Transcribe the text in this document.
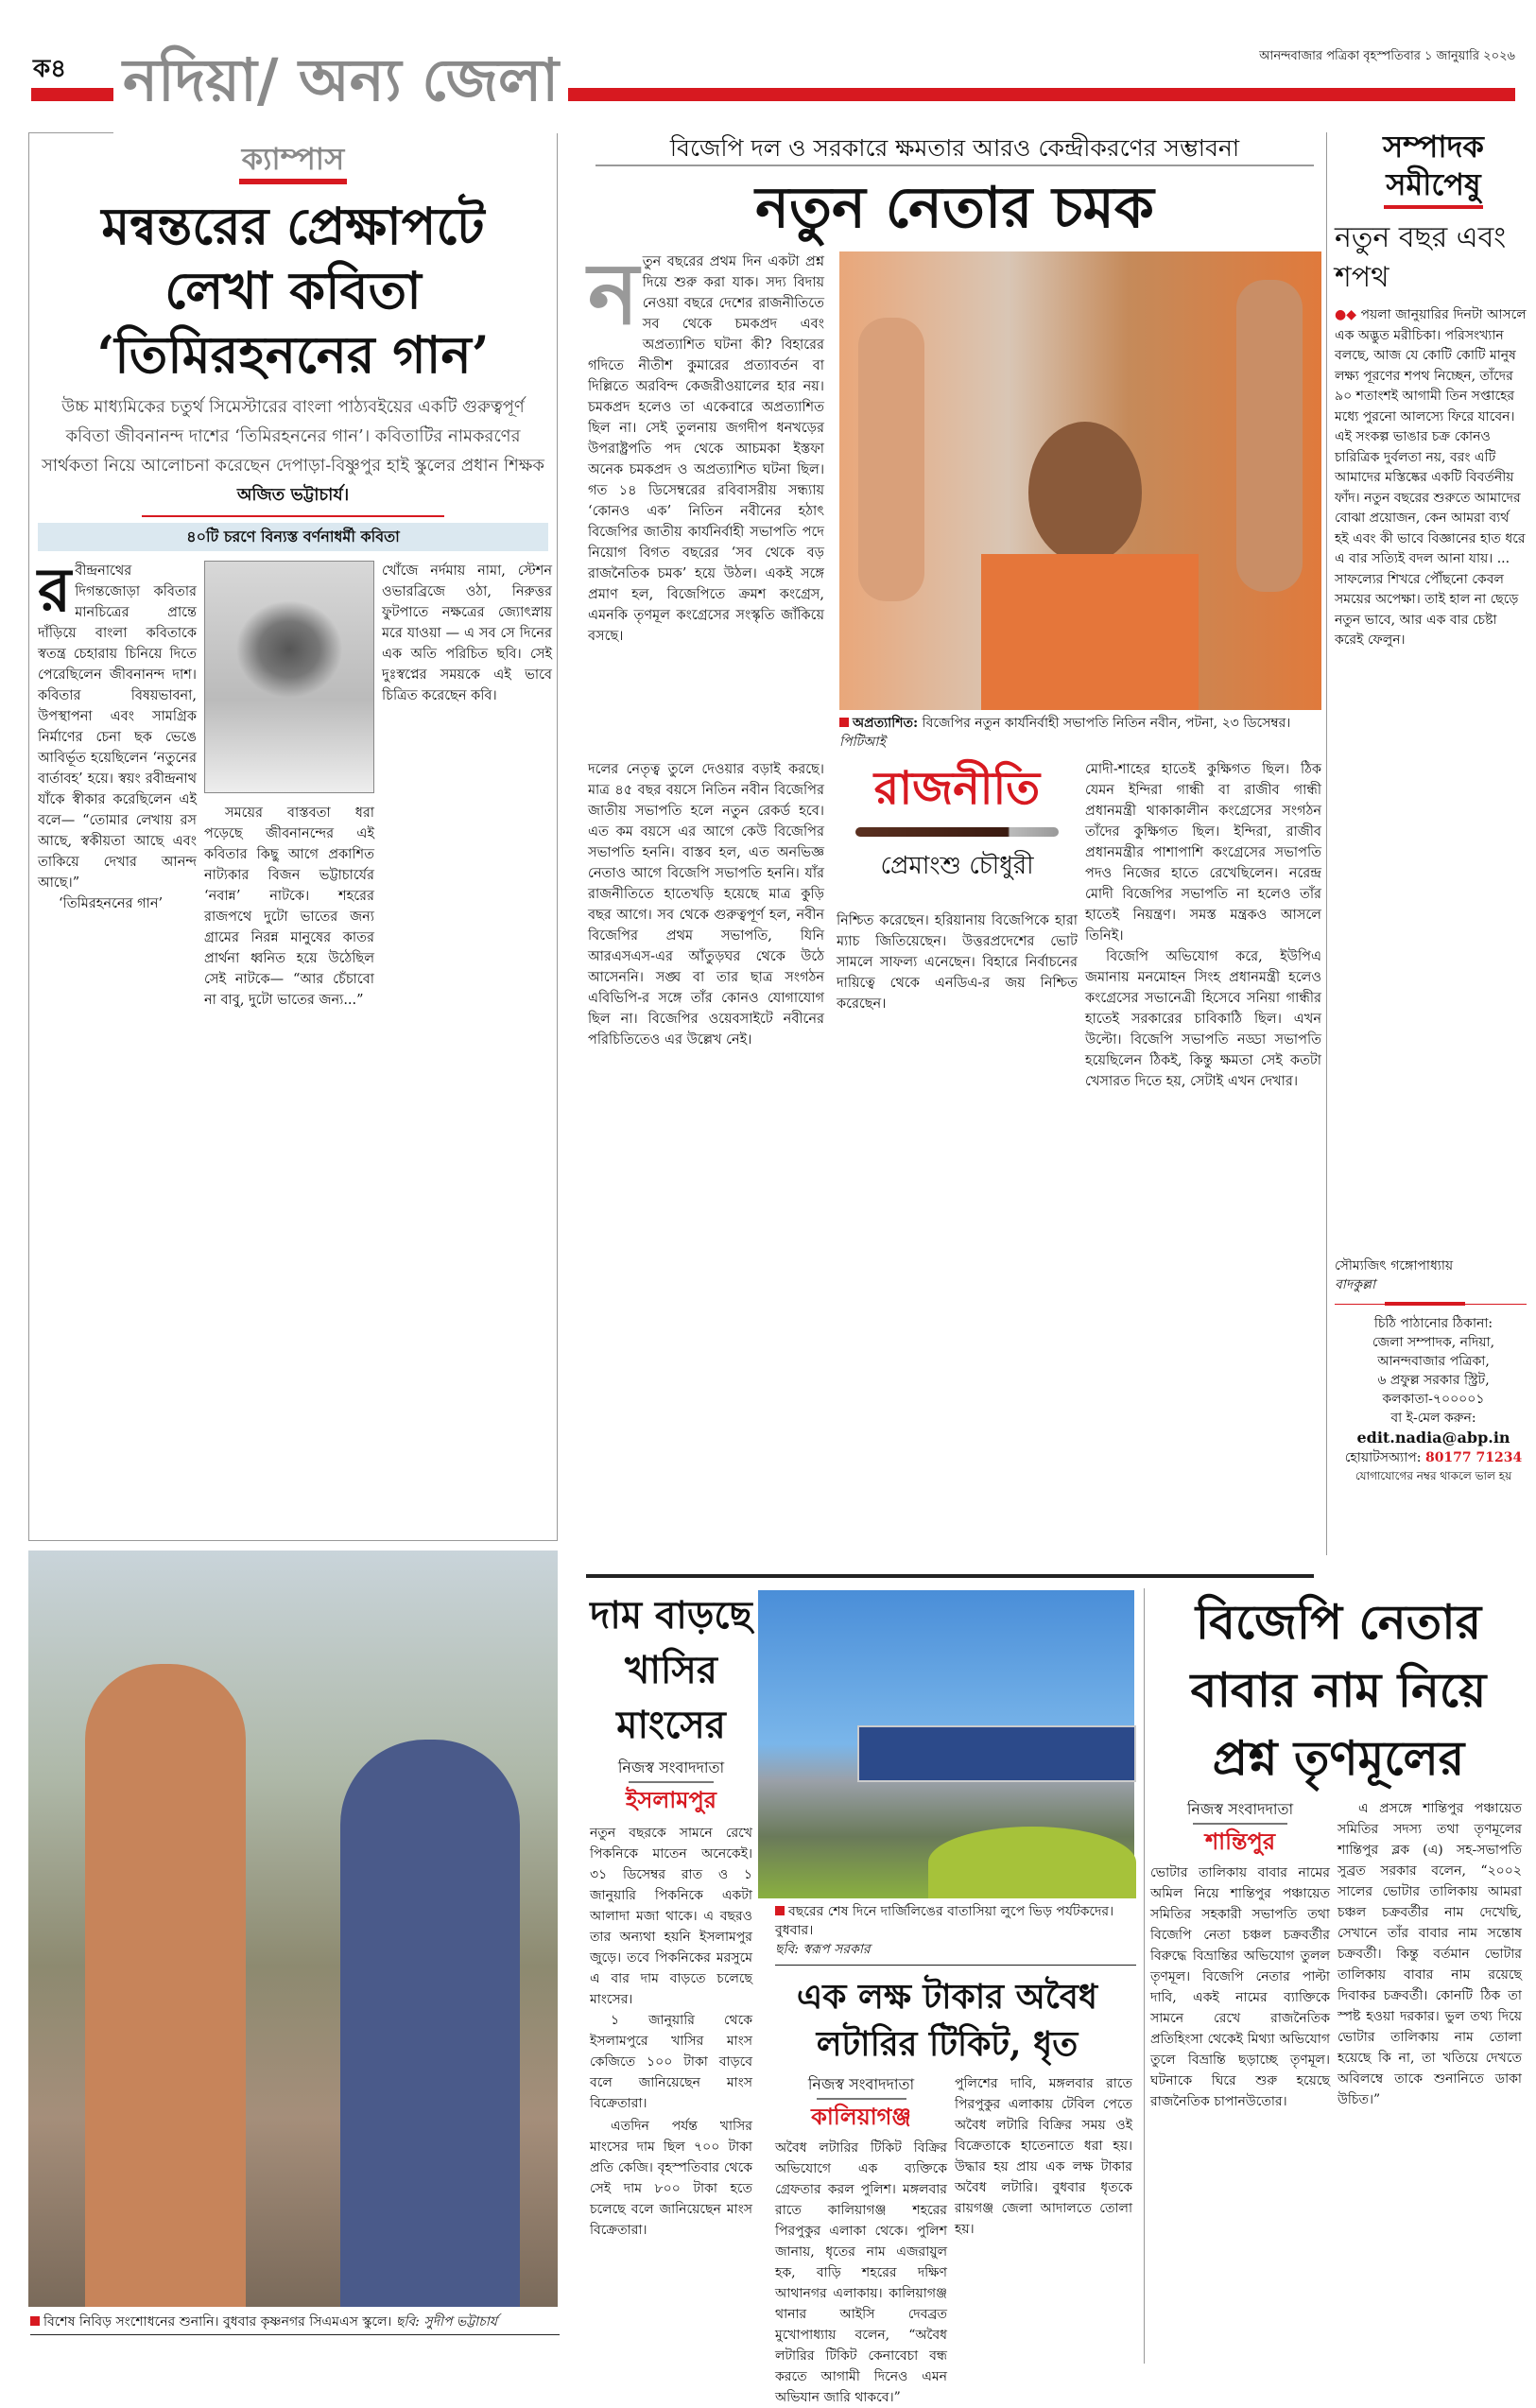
ক৪ নদিয়া/ অন্য জেলা	আনন্দবাজার পত্রিকা বৃহস্পতিবার ১ জানুয়ারি ২০২৬
ক্যাম্পাস
মন্বন্তরের প্রেক্ষাপটে
লেখা কবিতা
‘তিমিরহননের গান’
উচ্চ মাধ্যমিকের চতুর্থ সিমেস্টারের বাংলা পাঠ্যবইয়ের একটি গুরুত্বপূর্ণ কবিতা জীবনানন্দ দাশের ‘তিমিরহননের গান’। কবিতাটির নামকরণের সার্থকতা নিয়ে আলোচনা করেছেন দেপাড়া-বিষ্ণুপুর হাই স্কুলের প্রধান শিক্ষক অজিত ভট্টাচার্য।
৪০টি চরণে বিন্যস্ত বর্ণনাধর্মী কবিতা
র বীন্দ্রনাথের দিগন্তজোড়া কবিতার মানচিত্রের প্রান্তে দাঁড়িয়ে বাংলা কবিতাকে স্বতন্ত্র চেহারায় চিনিয়ে দিতে পেরেছিলেন জীবনানন্দ দাশ। কবিতার বিষয়ভাবনা, উপস্থাপনা এবং সামগ্রিক নির্মাণের চেনা ছক ভেঙে আবির্ভূত হয়েছিলেন ‘নতুনের বার্তাবহ’ হয়ে। স্বয়ং রবীন্দ্রনাথ যাঁকে স্বীকার করেছিলেন এই বলে— “তোমার লেখায় রস আছে, স্বকীয়তা আছে এবং তাকিয়ে দেখার আনন্দ আছে।”

‘তিমিরহননের গান’

সময়ের বাস্তবতা ধরা পড়েছে জীবনানন্দের এই কবিতার কিছু আগে প্রকাশিত নাট্যকার বিজন ভট্টাচার্যের ‘নবান্ন’ নাটকে। শহরের রাজপথে দুটো ভাতের জন্য গ্রামের নিরন্ন মানুষের কাতর প্রার্থনা ধ্বনিত হয়ে উঠেছিল সেই নাটকে— “আর চেঁচাবো না বাবু, দুটো ভাতের জন্য...”

খোঁজে নর্দমায় নামা, স্টেশন ওভারব্রিজে ওঠা, নিরুত্তর ফুটপাতে নক্ষত্রের জ্যোৎস্নায় মরে যাওয়া — এ সব সে দিনের এক অতি পরিচিত ছবি। সেই দুঃস্বপ্নের সময়কে এই ভাবে চিত্রিত করেছেন কবি।
বিশেষ নিবিড় সংশোধনের শুনানি। বুধবার কৃষ্ণনগর সিএমএস স্কুলে। ছবি: সুদীপ ভট্টাচার্য
বিজেপি দল ও সরকারে ক্ষমতার আরও কেন্দ্রীকরণের সম্ভাবনা
নতুন নেতার চমক
ন তুন বছরের প্রথম দিন একটা প্রশ্ন দিয়ে শুরু করা যাক। সদ্য বিদায় নেওয়া বছরে দেশের রাজনীতিতে সব থেকে চমকপ্রদ এবং অপ্রত্যাশিত ঘটনা কী? বিহারের গদিতে নীতীশ কুমারের প্রত্যাবর্তন বা দিল্লিতে অরবিন্দ কেজরীওয়ালের হার নয়। চমকপ্রদ হলেও তা একেবারে অপ্রত্যাশিত ছিল না। সেই তুলনায় জগদীপ ধনখড়ের উপরাষ্ট্রপতি পদ থেকে আচমকা ইস্তফা অনেক চমকপ্রদ ও অপ্রত্যাশিত ঘটনা ছিল। গত ১৪ ডিসেম্বরের রবিবাসরীয় সন্ধ্যায় ‘কোনও এক’ নিতিন নবীনের হঠাৎ বিজেপির জাতীয় কার্যনির্বাহী সভাপতি পদে নিয়োগ বিগত বছরের ‘সব থেকে বড় রাজনৈতিক চমক’ হয়ে উঠল। একই সঙ্গে প্রমাণ হল, বিজেপিতে ক্রমশ কংগ্রেস, এমনকি তৃণমূল কংগ্রেসের সংস্কৃতি জাঁকিয়ে বসছে।
অপ্রত্যাশিত: বিজেপির নতুন কার্যনির্বাহী সভাপতি নিতিন নবীন, পটনা, ২৩ ডিসেম্বর। পিটিআই
দলের নেতৃত্ব তুলে দেওয়ার বড়াই করছে। মাত্র ৪৫ বছর বয়সে নিতিন নবীন বিজেপির জাতীয় সভাপতি হলে নতুন রেকর্ড হবে। এত কম বয়সে এর আগে কেউ বিজেপির সভাপতি হননি। বাস্তব হল, এত অনভিজ্ঞ নেতাও আগে বিজেপি সভাপতি হননি। যাঁর রাজনীতিতে হাতেখড়ি হয়েছে মাত্র কুড়ি বছর আগে। সব থেকে গুরুত্বপূর্ণ হল, নবীন বিজেপির প্রথম সভাপতি, যিনি আরএসএস-এর আঁতুড়ঘর থেকে উঠে আসেননি। সঙ্ঘ বা তার ছাত্র সংগঠন এবিভিপি-র সঙ্গে তাঁর কোনও যোগাযোগ ছিল না। বিজেপির ওয়েবসাইটে নবীনের পরিচিতিতেও এর উল্লেখ নেই।
রাজনীতি
প্রেমাংশু চৌধুরী
নিশ্চিত করেছেন। হরিয়ানায় বিজেপিকে হারা ম্যাচ জিতিয়েছেন। উত্তরপ্রদেশের ভোট সামলে সাফল্য এনেছেন। বিহারে নির্বাচনের দায়িত্বে থেকে এনডিএ-র জয় নিশ্চিত করেছেন।
মোদী-শাহের হাতেই কুক্ষিগত ছিল। ঠিক যেমন ইন্দিরা গান্ধী বা রাজীব গান্ধী প্রধানমন্ত্রী থাকাকালীন কংগ্রেসের সংগঠন তাঁদের কুক্ষিগত ছিল। ইন্দিরা, রাজীব প্রধানমন্ত্রীর পাশাপাশি কংগ্রেসের সভাপতি পদও নিজের হাতে রেখেছিলেন। নরেন্দ্র মোদী বিজেপির সভাপতি না হলেও তাঁর হাতেই নিয়ন্ত্রণ। সমস্ত মন্ত্রকও আসলে তিনিই।

বিজেপি অভিযোগ করে, ইউপিএ জমানায় মনমোহন সিংহ প্রধানমন্ত্রী হলেও কংগ্রেসের সভানেত্রী হিসেবে সনিয়া গান্ধীর হাতেই সরকারের চাবিকাঠি ছিল। এখন উল্টো। বিজেপি সভাপতি নড্ডা সভাপতি হয়েছিলেন ঠিকই, কিন্তু ক্ষমতা সেই কতটা খেসারত দিতে হয়, সেটাই এখন দেখার।

সম্পাদক
সমীপেষু
নতুন বছর এবং শপথ
●◆ পয়লা জানুয়ারির দিনটা আসলে এক অদ্ভুত মরীচিকা। পরিসংখ্যান বলছে, আজ যে কোটি কোটি মানুষ লক্ষ্য পূরণের শপথ নিচ্ছেন, তাঁদের ৯০ শতাংশই আগামী তিন সপ্তাহের মধ্যে পুরনো আলস্যে ফিরে যাবেন। এই সংকল্প ভাঙার চক্র কোনও চারিত্রিক দুর্বলতা নয়, বরং এটি আমাদের মস্তিষ্কের একটি বিবর্তনীয় ফাঁদ। নতুন বছরের শুরুতে আমাদের বোঝা প্রয়োজন, কেন আমরা ব্যর্থ হই এবং কী ভাবে বিজ্ঞানের হাত ধরে এ বার সত্যিই বদল আনা যায়। ... সাফল্যের শিখরে পৌঁছনো কেবল সময়ের অপেক্ষা। তাই হাল না ছেড়ে নতুন ভাবে, আর এক বার চেষ্টা করেই ফেলুন।
সৌম্যজিৎ গঙ্গোপাধ্যায়
বাদকুল্লা
চিঠি পাঠানোর ঠিকানা:
জেলা সম্পাদক, নদিয়া,
আনন্দবাজার পত্রিকা,
৬ প্রফুল্ল সরকার স্ট্রিট,
কলকাতা-৭০০০০১
বা ই-মেল করুন:
edit.nadia@abp.in
হোয়াটসঅ্যাপ: 80177 71234
যোগাযোগের নম্বর থাকলে ভাল হয়
দাম বাড়ছে খাসির মাংসের
নিজস্ব সংবাদদাতা
ইসলামপুর
নতুন বছরকে সামনে রেখে পিকনিকে মাতেন অনেকেই। ৩১ ডিসেম্বর রাত ও ১ জানুয়ারি পিকনিকে একটা আলাদা মজা থাকে। এ বছরও তার অন্যথা হয়নি ইসলামপুর জুড়ে। তবে পিকনিকের মরসুমে এ বার দাম বাড়তে চলেছে মাংসের।

১ জানুয়ারি থেকে ইসলামপুরে খাসির মাংস কেজিতে ১০০ টাকা বাড়বে বলে জানিয়েছেন মাংস বিক্রেতারা।

এতদিন পর্যন্ত খাসির মাংসের দাম ছিল ৭০০ টাকা প্রতি কেজি। বৃহস্পতিবার থেকে সেই দাম ৮০০ টাকা হতে চলেছে বলে জানিয়েছেন মাংস বিক্রেতারা।

বছরের শেষ দিনে দার্জিলিঙের বাতাসিয়া লুপে ভিড় পর্যটকদের। বুধবার।
ছবি: স্বরূপ সরকার
এক লক্ষ টাকার অবৈধ
লটারির টিকিট, ধৃত
নিজস্ব সংবাদদাতা
কালিয়াগঞ্জ
অবৈধ লটারির টিকিট বিক্রির অভিযোগে এক ব্যক্তিকে গ্রেফতার করল পুলিশ। মঙ্গলবার রাতে কালিয়াগঞ্জ শহরের পিরপুকুর এলাকা থেকে। পুলিশ জানায়, ধৃতের নাম এজরায়ুল হক, বাড়ি শহরের দক্ষিণ আথানগর এলাকায়। কালিয়াগঞ্জ থানার আইসি দেবব্রত মুখোপাধ্যায় বলেন, “অবৈধ লটারির টিকিট কেনাবেচা বন্ধ করতে আগামী দিনেও এমন অভিযান জারি থাকবে।”
পুলিশের দাবি, মঙ্গলবার রাতে পিরপুকুর এলাকায় টেবিল পেতে অবৈধ লটারি বিক্রির সময় ওই বিক্রেতাকে হাতেনাতে ধরা হয়। উদ্ধার হয় প্রায় এক লক্ষ টাকার অবৈধ লটারি। বুধবার ধৃতকে রায়গঞ্জ জেলা আদালতে তোলা হয়।
বিজেপি নেতার বাবার নাম নিয়ে প্রশ্ন তৃণমূলের
নিজস্ব সংবাদদাতা
শান্তিপুর
ভোটার তালিকায় বাবার নামের অমিল নিয়ে শান্তিপুর পঞ্চায়েত সমিতির সহকারী সভাপতি তথা বিজেপি নেতা চঞ্চল চক্রবর্তীর বিরুদ্ধে বিভ্রান্তির অভিযোগ তুলল তৃণমূল। বিজেপি নেতার পাল্টা দাবি, একই নামের ব্যাক্তিকে সামনে রেখে রাজনৈতিক প্রতিহিংসা থেকেই মিথ্যা অভিযোগ তুলে বিভ্রান্তি ছড়াচ্ছে তৃণমূল। ঘটনাকে ঘিরে শুরু হয়েছে রাজনৈতিক চাপানউতোর।

এ প্রসঙ্গে শান্তিপুর পঞ্চায়েত সমিতির সদস্য তথা তৃণমূলের শান্তিপুর ব্লক (এ) সহ-সভাপতি সুব্রত সরকার বলেন, “২০০২ সালের ভোটার তালিকায় আমরা চঞ্চল চক্রবর্তীর নাম দেখেছি, সেখানে তাঁর বাবার নাম সন্তোষ চক্রবর্তী। কিন্তু বর্তমান ভোটার তালিকায় বাবার নাম রয়েছে দিবাকর চক্রবর্তী। কোনটি ঠিক তা স্পষ্ট হওয়া দরকার। ভুল তথ্য দিয়ে ভোটার তালিকায় নাম তোলা হয়েছে কি না, তা খতিয়ে দেখতে অবিলম্বে তাকে শুনানিতে ডাকা উচিত।”
